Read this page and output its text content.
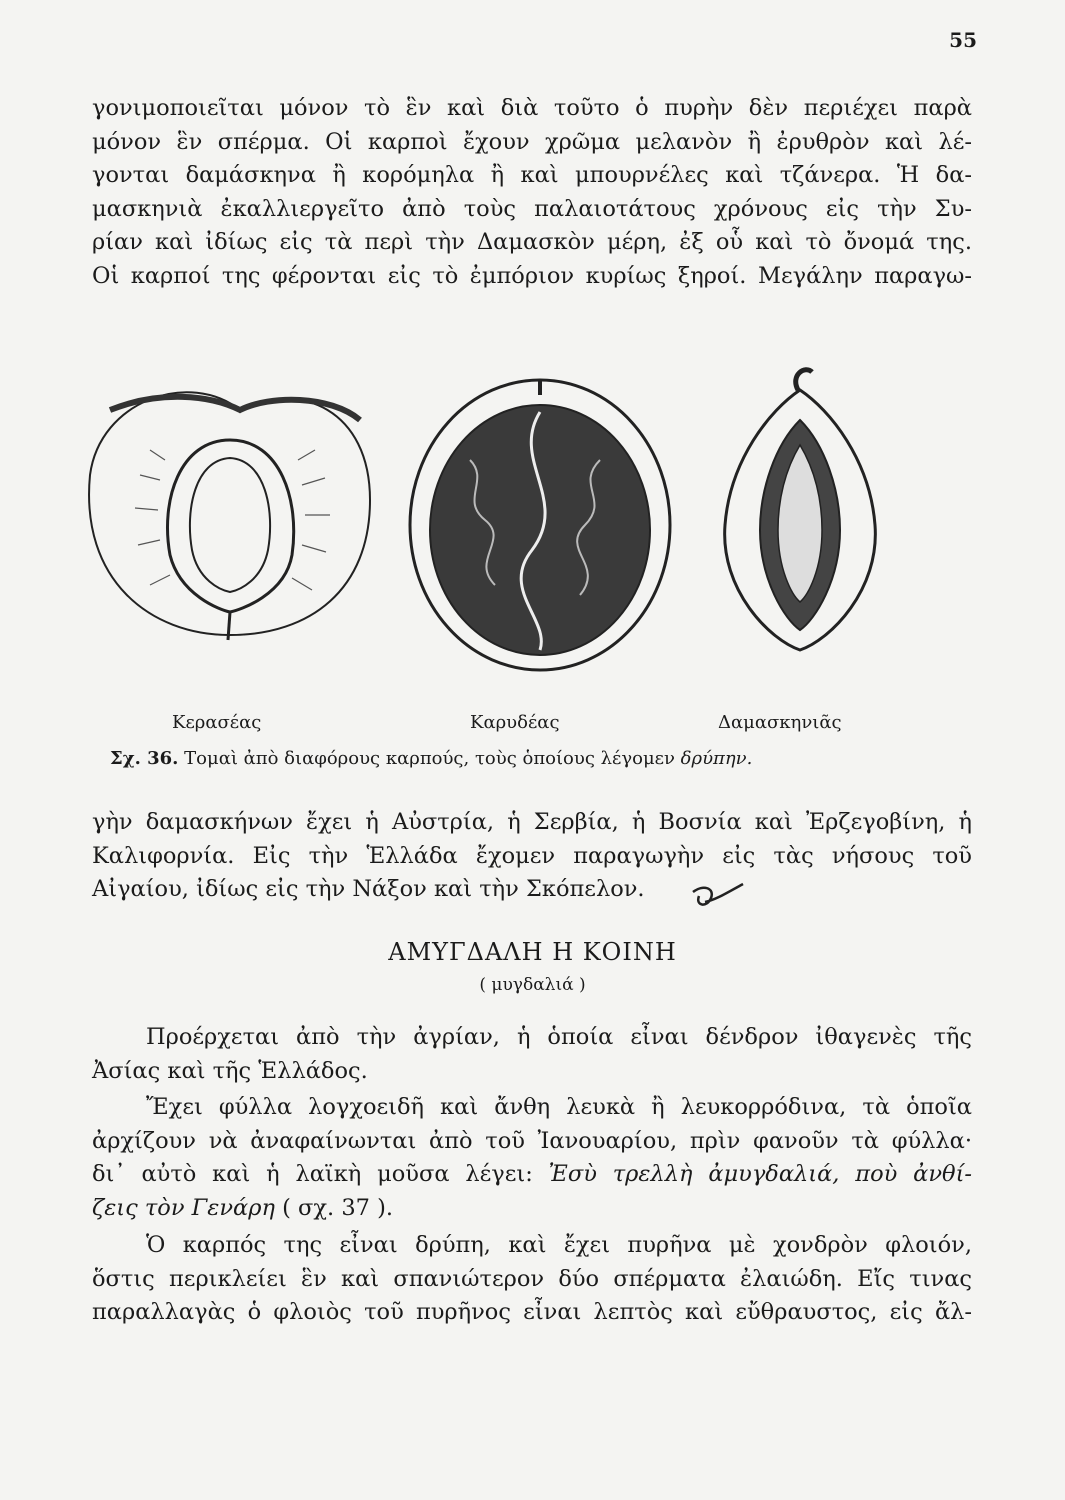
55

γονιμοποιεῖται μόνον τὸ ἓν καὶ διὰ τοῦτο ὁ πυρὴν δὲν περιέχει παρὰ
μόνον ἓν σπέρμα. Οἱ καρποὶ ἔχουν χρῶμα μελανὸν ἢ ἐρυθρὸν καὶ λέ-
γονται δαμάσκηνα ἢ κορόμηλα ἢ καὶ μπουρνέλες καὶ τζάνερα. Ἡ δα-
μασκηνιὰ ἐκαλλιεργεῖτο ἀπὸ τοὺς παλαιοτάτους χρόνους εἰς τὴν Συ-
ρίαν καὶ ἰδίως εἰς τὰ περὶ τὴν Δαμασκὸν μέρη, ἐξ οὗ καὶ τὸ ὄνομά της.
Οἱ καρποί της φέρονται εἰς τὸ ἐμπόριον κυρίως ξηροί. Μεγάλην παραγω-

Κερασέας	Καρυδέας	Δαμασκηνιᾶς
Σχ. 36. Τομαὶ ἀπὸ διαφόρους καρπούς, τοὺς ὁποίους λέγομεν δρύπην.

γὴν δαμασκήνων ἔχει ἡ Αὐστρία, ἡ Σερβία, ἡ Βοσνία καὶ Ἐρζεγοβίνη, ἡ
Καλιφορνία. Εἰς τὴν Ἑλλάδα ἔχομεν παραγωγὴν εἰς τὰς νήσους τοῦ
Αἰγαίου, ἰδίως εἰς τὴν Νάξον καὶ τὴν Σκόπελον.

ΑΜΥΓΔΑΛΗ Η ΚΟΙΝΗ
( μυγδαλιά )

Προέρχεται ἀπὸ τὴν ἀγρίαν, ἡ ὁποία εἶναι δένδρον ἰθαγενὲς τῆς
Ἀσίας καὶ τῆς Ἑλλάδος.

Ἔχει φύλλα λογχοειδῆ καὶ ἄνθη λευκὰ ἢ λευκορρόδινα, τὰ ὁποῖα
ἀρχίζουν νὰ ἀναφαίνωνται ἀπὸ τοῦ Ἰανουαρίου, πρὶν φανοῦν τὰ φύλλα·
δι᾽ αὐτὸ καὶ ἡ λαϊκὴ μοῦσα λέγει: Ἐσὺ τρελλὴ ἀμυγδαλιά, ποὺ ἀνθί-
ζεις τὸν Γενάρη ( σχ. 37 ).

Ὁ καρπός της εἶναι δρύπη, καὶ ἔχει πυρῆνα μὲ χονδρὸν φλοιόν,
ὅστις περικλείει ἓν καὶ σπανιώτερον δύο σπέρματα ἐλαιώδη. Εἴς τινας
παραλλαγὰς ὁ φλοιὸς τοῦ πυρῆνος εἶναι λεπτὸς καὶ εὔθραυστος, εἰς ἄλ-
